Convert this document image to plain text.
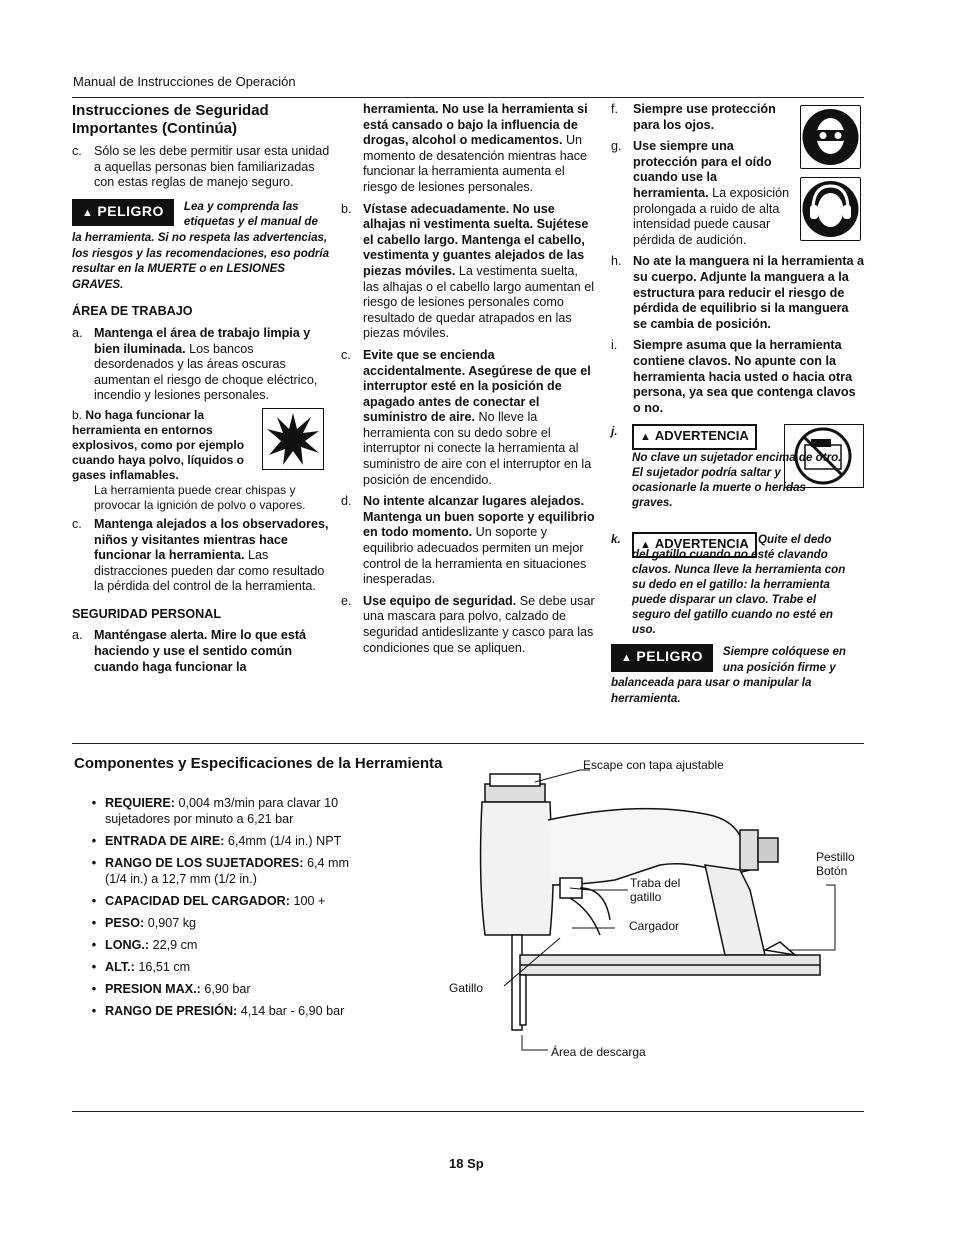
Manual de Instrucciones de Operación
Instrucciones de Seguridad Importantes (Continúa)
c. Sólo se les debe permitir usar esta unidad a aquellas personas bien familiarizadas con estas reglas de manejo seguro.
▲ PELIGRO	Lea y comprenda las etiquetas y el manual de la herramienta. Si no respeta las advertencias, los riesgos y las recomendaciones, eso podría resultar en la MUERTE o en LESIONES GRAVES.
ÁREA DE TRABAJO
a. Mantenga el área de trabajo limpia y bien iluminada. Los bancos desordenados y las áreas oscuras aumentan el riesgo de choque eléctrico, incendio y lesiones personales.
b. No haga funcionar la herramienta en entornos explosivos, como por ejemplo cuando haya polvo, líquidos o gases inflamables.
La herramienta puede crear chispas y provocar la ignición de polvo o vapores.
c. Mantenga alejados a los observadores, niños y visitantes mientras hace funcionar la herramienta. Las distracciones pueden dar como resultado la pérdida del control de la herramienta.
SEGURIDAD PERSONAL
a. Manténgase alerta. Mire lo que está haciendo y use el sentido común cuando haga funcionar la
herramienta. No use la herramienta si está cansado o bajo la influencia de drogas, alcohol o medicamentos. Un momento de desatención mientras hace funcionar la herramienta aumenta el riesgo de lesiones personales.
b. Vístase adecuadamente. No use alhajas ni vestimenta suelta. Sujétese el cabello largo. Mantenga el cabello, vestimenta y guantes alejados de las piezas móviles. La vestimenta suelta, las alhajas o el cabello largo aumentan el riesgo de lesiones personales como resultado de quedar atrapados en las piezas móviles.
c. Evite que se encienda accidentalmente. Asegúrese de que el interruptor esté en la posición de apagado antes de conectar el suministro de aire. No lleve la herramienta con su dedo sobre el interruptor ni conecte la herramienta al suministro de aire con el interruptor en la posición de encendido.
d. No intente alcanzar lugares alejados. Mantenga un buen soporte y equilibrio en todo momento. Un soporte y equilibrio adecuados permiten un mejor control de la herramienta en situaciones inesperadas.
e. Use equipo de seguridad. Se debe usar una mascara para polvo, calzado de seguridad antideslizante y casco para las condiciones que se apliquen.
f.	Siempre use protección para los ojos.
g. Use siempre una protección para el oído cuando use la herramienta. La exposición prolongada a ruido de alta intensidad puede causar pérdida de audición.
h. No ate la manguera ni la herramienta a su cuerpo. Adjunte la manguera a la estructura para reducir el riesgo de pérdida de equilibrio si la manguera se cambia de posición.
i.	Siempre asuma que la herramienta contiene clavos. No apunte con la herramienta hacia usted o hacia otra persona, ya sea que contenga clavos o no.
j.	▲ ADVERTENCIA
No clave un sujetador encima de otro. El sujetador podría saltar y ocasionarle la muerte o heridas graves.
k.	▲ ADVERTENCIA Quite el dedo del gatillo cuando no esté clavando clavos. Nunca lleve la herramienta con su dedo en el gatillo: la herramienta puede disparar un clavo. Trabe el seguro del gatillo cuando no esté en uso.
▲ PELIGRO	Siempre colóquese en una posición firme y balanceada para usar o manipular la herramienta.
Componentes y Especificaciones de la Herramienta
• REQUIERE: 0,004 m3/min para clavar 10 sujetadores por minuto a 6,21 bar
• ENTRADA DE AIRE: 6,4mm (1/4 in.) NPT
• RANGO DE LOS SUJETADORES: 6,4 mm (1/4 in.) a 12,7 mm (1/2 in.)
• CAPACIDAD DEL CARGADOR: 100 +
• PESO: 0,907 kg
• LONG.: 22,9 cm
• ALT.: 16,51 cm
• PRESION MAX.: 6,90 bar
• RANGO DE PRESIÓN: 4,14 bar - 6,90 bar
Escape con tapa ajustable
Pestillo
Botón
Traba del
gatillo
Cargador
Gatillo
Área de descarga
18 Sp
